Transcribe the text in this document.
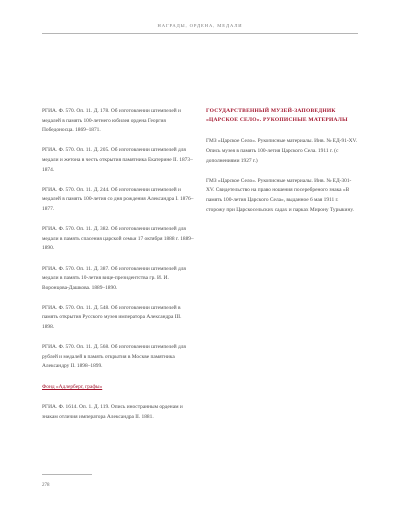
НАГРАДЫ, ОРДЕНА, МЕДАЛИ

РГИА. Ф. 570. Оп. 11. Д. 178. Об изготовлении штемпелей и медалей в память 100-летнего юбилея ордена Георгия Победоносца. 1869–1871.

РГИА. Ф. 570. Оп. 11. Д. 205. Об изготовлении штемпелей для медали и жетона в честь открытия памятника Екатерине II. 1873–1874.

РГИА. Ф. 570. Оп. 11. Д. 244. Об изготовлении штемпелей и медалей в память 100-летия со дня рождения Александра I. 1876–1877.

РГИА. Ф. 570. Оп. 11. Д. 382. Об изготовлении штемпелей для медали в память спасения царской семьи 17 октября 1888 г. 1889–1890.

РГИА. Ф. 570. Оп. 11. Д. 387. Об изготовлении штемпелей для медали в память 10-летия вице-президентства гр. И. И. Воронцова-Дашкова. 1889–1890.

РГИА. Ф. 570. Оп. 11. Д. 548. Об изготовлении штемпелей в память открытия Русского музея императора Александра III. 1898.

РГИА. Ф. 570. Оп. 11. Д. 568. Об изготовлении штемпелей для рублей и медалей в память открытия в Москве памятника Александру II. 1898–1899.

Фонд «Адлерберг, графы»

РГИА. Ф. 1614. Оп. 1. Д. 119. Опись иностранным орденам и знакам отличия императора Александра II. 1881.

ГОСУДАРСТВЕННЫЙ МУЗЕЙ-ЗАПОВЕДНИК «ЦАРСКОЕ СЕЛО». РУКОПИСНЫЕ МАТЕРИАЛЫ

ГМЗ «Царское Село». Рукописные материалы. Инв. № ЕД-91-XV. Опись музея в память 100-летия Царского Села. 1911 г. (с дополнениями 1927 г.)

ГМЗ «Царское Село». Рукописные материалы. Инв. № ЕД-301-XV. Свидетельство на право ношения посеребреного знака «В память 100-летия Царского Села», выданное 6 мая 1911 г. сторожу при Царскосельских садах и парках Мирону Турыкину.

278
